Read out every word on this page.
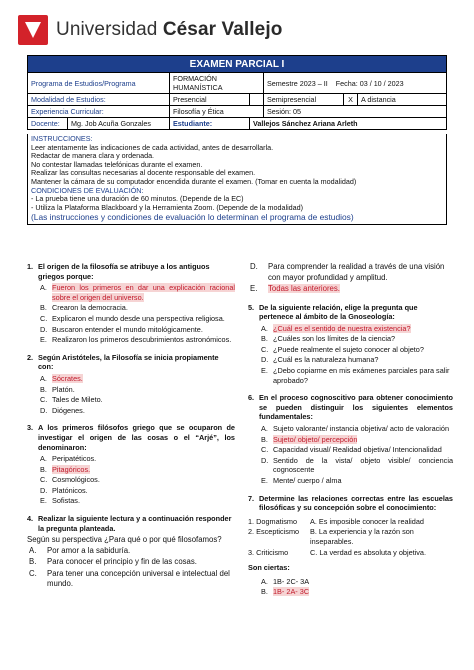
Universidad César Vallejo
EXAMEN PARCIAL I					
Programa de Estudios/Programa	FORMACIÓN HUMANÍSTICA		Semestre 2023 – II Fecha: 03 / 10 / 2023		
Modalidad de Estudios:	Presencial		Semipresencial	X	A distancia
Experiencia Curricular:	Filosofía y Ética		Sesión: 05		

Docente: Mg. Job Acuña Gonzales	Estudiante:	Vallejos Sánchez Ariana Arleth			
INSTRUCCIONES:
Leer atentamente las indicaciones de cada actividad, antes de desarrollarla.
Redactar de manera clara y ordenada.
No contestar llamadas telefónicas durante el examen.
Realizar las consultas necesarias al docente responsable del examen.
Mantener la cámara de su computador encendida durante el examen. (Tomar en cuenta la modalidad)
CONDICIONES DE EVALUACIÓN:
- La prueba tiene una duración de 60 minutos. (Depende de la EC)
- Utiliza la Plataforma Blackboard y la Herramienta Zoom. (Depende de la modalidad)
(Las instrucciones y condiciones de evaluación lo determinan el programa de estudios)
1. El origen de la filosofía se atribuye a los antiguos griegos porque:
A. Fueron los primeros en dar una explicación racional sobre el origen del universo.
B. Crearon la democracia.
C. Explicaron el mundo desde una perspectiva religiosa.
D. Buscaron entender el mundo mitológicamente.
E. Realizaron los primeros descubrimientos astronómicos.
2. Según Aristóteles, la Filosofía se inicia propiamente con:
A. Sócrates.
B. Platón.
C. Tales de Mileto.
D. Diógenes.
3. A los primeros filósofos griego que se ocuparon de investigar el origen de las cosas o el “Arjé”, los denominaron:
A. Peripatéticos.
B. Pitagóricos.
C. Cosmológicos.
D. Platónicos.
E. Sofistas.
4. Realizar la siguiente lectura y a continuación responder la pregunta planteada.
Según su perspectiva ¿Para qué o por qué filosofamos?
A.	Por amor a la sabiduría.
B.	Para conocer el principio y fin de las cosas.
C.	Para tener una concepción universal e intelectual del mundo.
D.	Para comprender la realidad a través de una visión con mayor profundidad y amplitud.
E.	Todas las anteriores.
5. De la siguiente relación, elige la pregunta que pertenece al ámbito de la Gnoseología:
A. ¿Cuál es el sentido de nuestra existencia?
B. ¿Cuáles son los límites de la ciencia?
C. ¿Puede realmente el sujeto conocer al objeto?
D. ¿Cuál es la naturaleza humana?
E. ¿Debo copiarme en mis exámenes parciales para salir aprobado?
6. En el proceso cognoscitivo para obtener conocimiento se pueden distinguir los siguientes elementos fundamentales:
A. Sujeto valorante/ instancia objetiva/ acto de valoración
B. Sujeto/ objeto/ percepción
C. Capacidad visual/ Realidad objetiva/ Intencionalidad
D. Sentido de la vista/ objeto visible/ conciencia cognoscente
E. Mente/ cuerpo / alma
7. Determine las relaciones correctas entre las escuelas filosóficas y su concepción sobre el conocimiento:
1. Dogmatismo	A. Es imposible conocer la realidad
2. Escepticismo	B. La experiencia y la razón son inseparables.
3. Criticismo	C. La verdad es absoluta y objetiva.
Son ciertas:
A. 1B- 2C- 3A
B. 1B- 2A- 3C
